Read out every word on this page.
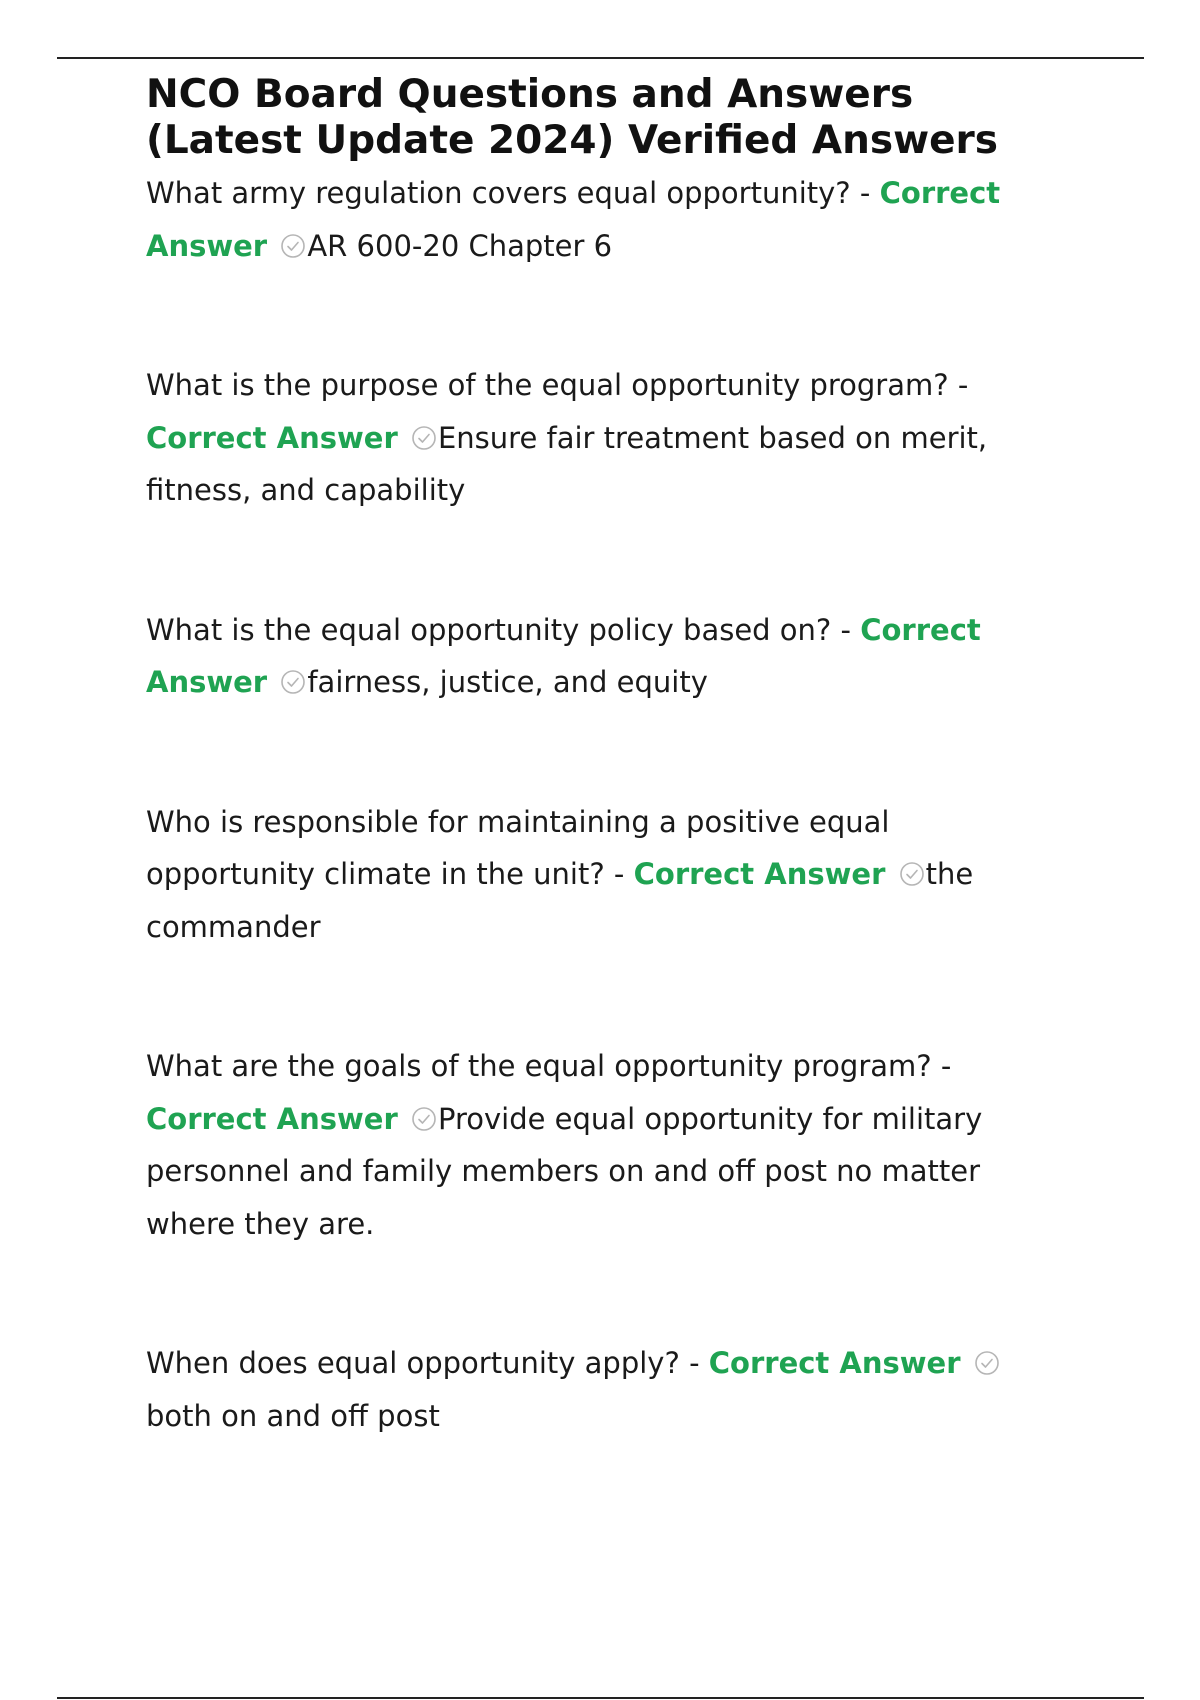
NCO Board Questions and Answers
(Latest Update 2024) Verified Answers

What army regulation covers equal opportunity? - Correct Answer AR 600-20 Chapter 6

What is the purpose of the equal opportunity program? - Correct Answer Ensure fair treatment based on merit, fitness, and capability

What is the equal opportunity policy based on? - Correct Answer fairness, justice, and equity

Who is responsible for maintaining a positive equal opportunity climate in the unit? - Correct Answer the commander

What are the goals of the equal opportunity program? - Correct Answer Provide equal opportunity for military personnel and family members on and off post no matter where they are.

When does equal opportunity apply? - Correct Answer
both on and off post
